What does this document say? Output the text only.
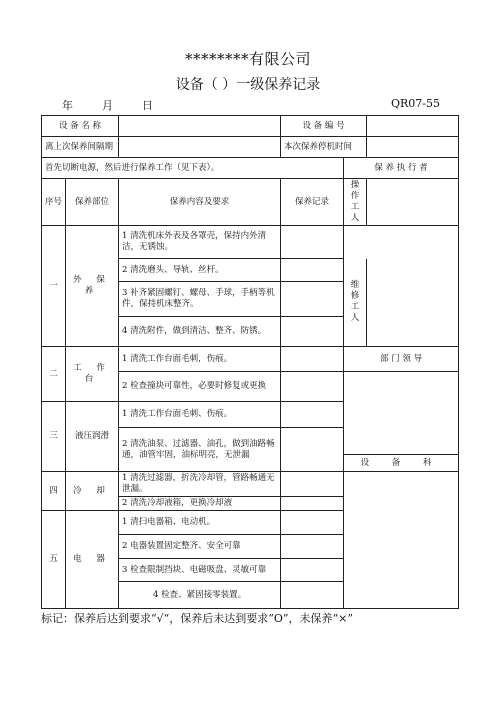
********有限公司
设备（ ）一级保养记录
年	月	日	QR07-55
设 备 名 称			设 备 编 号		
离上次保养间隔期			本次保养停机时间		
首先切断电源，然后进行保养工作（见下表）。				保 养 执 行 者	
序号	保养部位	保养内容及要求	保养记录	操作工人	
一	外 保 养	1 清洗机床外表及各罩壳，保持内外清洁，无锈蚀。			
		2 清洗磨头、导轨、丝杆。		维修工人	
		3 补齐紧固螺钉、螺母、手球，手柄等机件，保持机床整齐。			
		4 清洗附件，做到清洁、整齐、防锈。			
二	工 作 台	1 清洗工作台面毛刺，伤痕。		部 门 领 导	
		2 检查撞块可靠性，必要时修复或更换			
三	液压润滑	1 清洗工作台面毛刺、伤痕。			
		2 清洗油泵、过滤器、油孔，做到油路畅通，油管牢固，油标明亮，无泄漏			
				设 备 科	
四	冷 却	1 清洗过滤器，折洗冷却管，管路畅通无泄漏。			
		2 清洗冷却液箱，更换冷却液			
五	电 器	1 清扫电器箱、电动机。			
		2 电器装置固定整齐、安全可靠			
		3 检查限制挡块、电磁吸盘、灵敏可靠			
		4 检查、紧固接零装置。			
标记：保养后达到要求“√“，保养后未达到要求“O”，未保养“×”
